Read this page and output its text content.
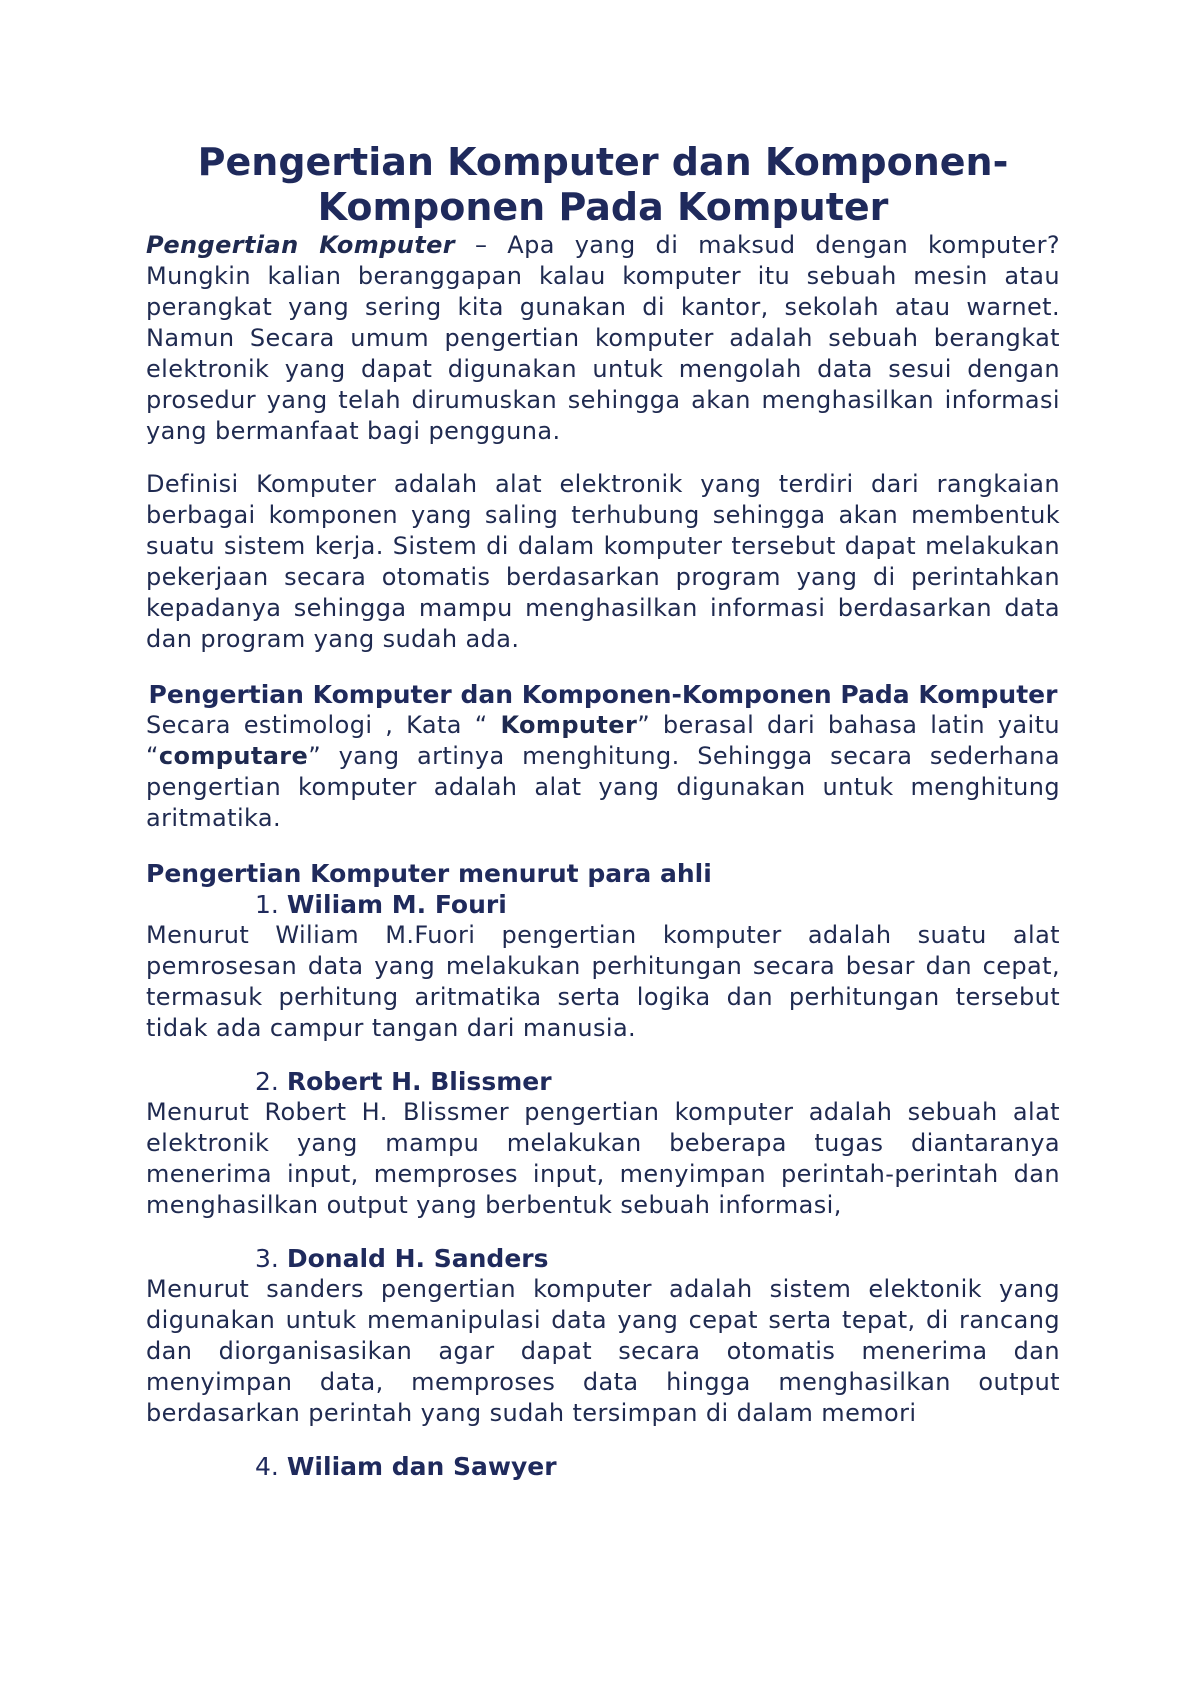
Pengertian Komputer dan Komponen-Komponen Pada Komputer

Pengertian Komputer – Apa yang di maksud dengan komputer? Mungkin kalian beranggapan kalau komputer itu sebuah mesin atau perangkat yang sering kita gunakan di kantor, sekolah atau warnet. Namun Secara umum pengertian komputer adalah sebuah berangkat elektronik yang dapat digunakan untuk mengolah data sesui dengan prosedur yang telah dirumuskan sehingga akan menghasilkan informasi yang bermanfaat bagi pengguna.

Definisi Komputer adalah alat elektronik yang terdiri dari rangkaian berbagai komponen yang saling terhubung sehingga akan membentuk suatu sistem kerja. Sistem di dalam komputer tersebut dapat melakukan pekerjaan secara otomatis berdasarkan program yang di perintahkan kepadanya sehingga mampu menghasilkan informasi berdasarkan data dan program yang sudah ada.

Pengertian Komputer dan Komponen-Komponen Pada Komputer

Secara estimologi , Kata “ Komputer” berasal dari bahasa latin yaitu “computare” yang artinya menghitung. Sehingga secara sederhana pengertian komputer adalah alat yang digunakan untuk menghitung aritmatika.

Pengertian Komputer menurut para ahli
1. Wiliam M. Fouri

Menurut Wiliam M.Fuori pengertian komputer adalah suatu alat pemrosesan data yang melakukan perhitungan secara besar dan cepat, termasuk perhitung aritmatika serta logika dan perhitungan tersebut tidak ada campur tangan dari manusia.

2. Robert H. Blissmer

Menurut Robert H. Blissmer pengertian komputer adalah sebuah alat elektronik yang mampu melakukan beberapa tugas diantaranya menerima input, memproses input, menyimpan perintah-perintah dan menghasilkan output yang berbentuk sebuah informasi,

3. Donald H. Sanders

Menurut sanders pengertian komputer adalah sistem elektonik yang digunakan untuk memanipulasi data yang cepat serta tepat, di rancang dan diorganisasikan agar dapat secara otomatis menerima dan menyimpan data, memproses data hingga menghasilkan output berdasarkan perintah yang sudah tersimpan di dalam memori

4. Wiliam dan Sawyer
